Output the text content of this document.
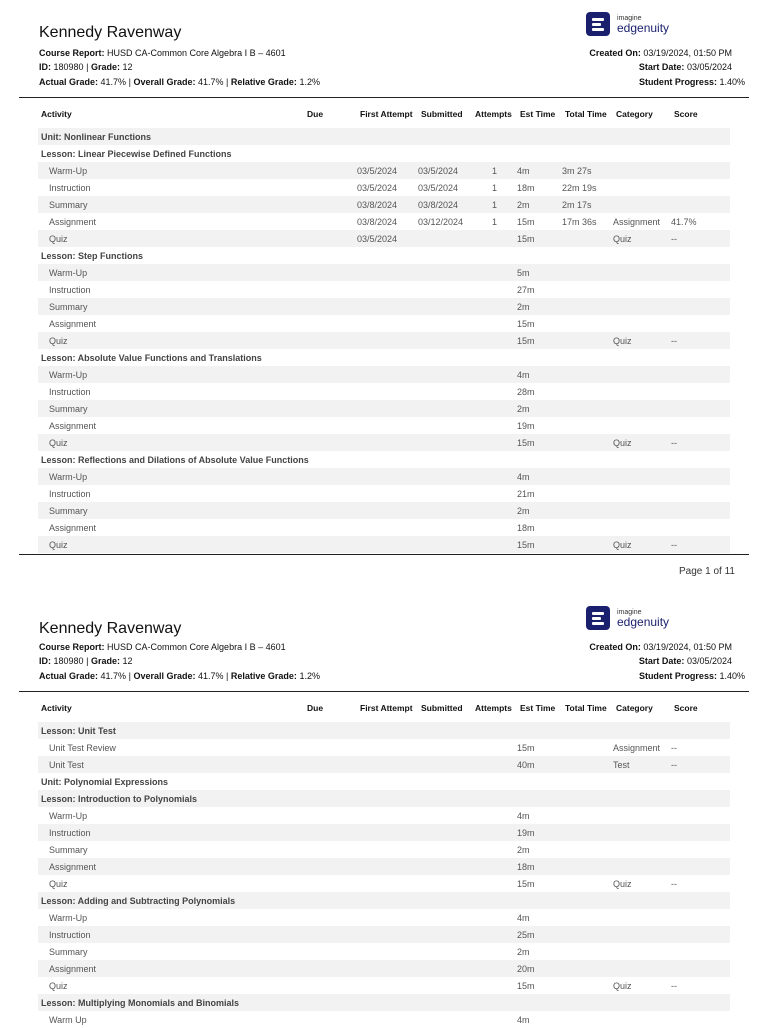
Kennedy Ravenway
Course Report: HUSD CA-Common Core Algebra I B – 4601
ID: 180980 | Grade: 12
Actual Grade: 41.7% | Overall Grade: 41.7% | Relative Grade: 1.2%
imagine
edgenuity
Created On: 03/19/2024, 01:50 PM
Start Date: 03/05/2024
Student Progress: 1.40%
Activity	Due	First Attempt	Submitted	Attempts	Est Time	Total Time	Category	Score
Unit: Nonlinear Functions								
Lesson: Linear Piecewise Defined Functions								
Warm-Up		03/5/2024	03/5/2024	1	4m	3m 27s		
Instruction		03/5/2024	03/5/2024	1	18m	22m 19s		
Summary		03/8/2024	03/8/2024	1	2m	2m 17s		
Assignment		03/8/2024	03/12/2024	1	15m	17m 36s	Assignment	41.7%
Quiz		03/5/2024			15m		Quiz	--
Lesson: Step Functions								
Warm-Up					5m			
Instruction					27m			
Summary					2m			
Assignment					15m			
Quiz					15m		Quiz	--
Lesson: Absolute Value Functions and Translations								
Warm-Up					4m			
Instruction					28m			
Summary					2m			
Assignment					19m			
Quiz					15m		Quiz	--
Lesson: Reflections and Dilations of Absolute Value Functions								
Warm-Up					4m			
Instruction					21m			
Summary					2m			
Assignment					18m			
Quiz					15m		Quiz	--
Page 1 of 11
Kennedy Ravenway
Course Report: HUSD CA-Common Core Algebra I B – 4601
ID: 180980 | Grade: 12
Actual Grade: 41.7% | Overall Grade: 41.7% | Relative Grade: 1.2%
imagine
edgenuity
Created On: 03/19/2024, 01:50 PM
Start Date: 03/05/2024
Student Progress: 1.40%
Activity	Due	First Attempt	Submitted	Attempts	Est Time	Total Time	Category	Score
Lesson: Unit Test								
Unit Test Review					15m		Assignment	--
Unit Test					40m		Test	--
Unit: Polynomial Expressions								
Lesson: Introduction to Polynomials								
Warm-Up					4m			
Instruction					19m			
Summary					2m			
Assignment					18m			
Quiz					15m		Quiz	--
Lesson: Adding and Subtracting Polynomials								
Warm-Up					4m			
Instruction					25m			
Summary					2m			
Assignment					20m			
Quiz					15m		Quiz	--
Lesson: Multiplying Monomials and Binomials								
Warm Up					4m			
